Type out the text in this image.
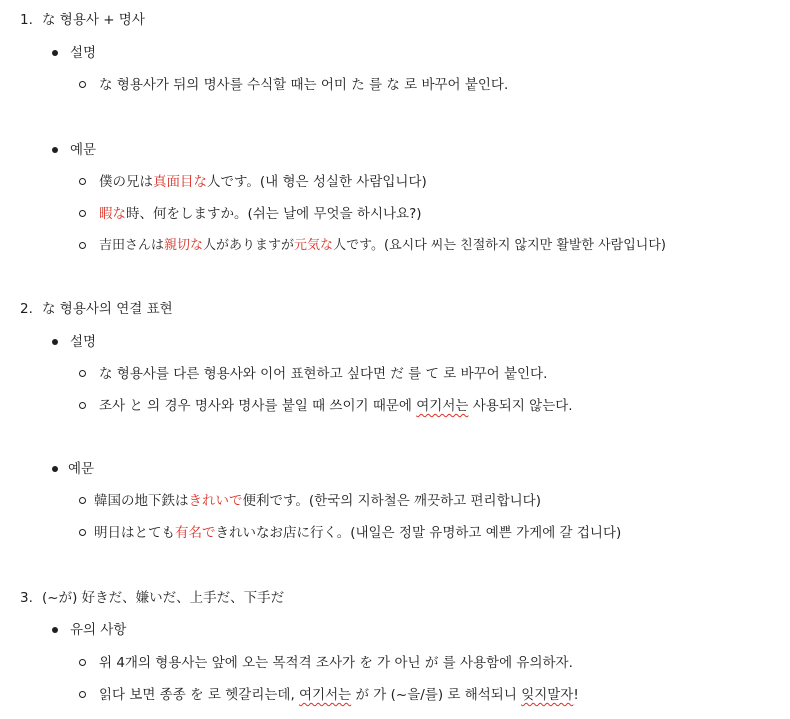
1. な 형용사 + 명사
설명
な 형용사가 뒤의 명사를 수식할 때는 어미 た 를 な 로 바꾸어 붙인다.
예문
僕の兄は真面目な人です。(내 형은 성실한 사람입니다)
暇な時、何をしますか。(쉬는 날에 무엇을 하시나요?)
吉田さんは親切な人がありますが元気な人です。(요시다 씨는 친절하지 않지만 활발한 사람입니다)
2. な 형용사의 연결 표현
설명
な 형용사를 다른 형용사와 이어 표현하고 싶다면 だ 를 て 로 바꾸어 붙인다.
조사 と 의 경우 명사와 명사를 붙일 때 쓰이기 때문에 여기서는 사용되지 않는다.
예문
韓国の地下鉄はきれいで便利です。(한국의 지하철은 깨끗하고 편리합니다)
明日はとても有名できれいなお店に行く。(내일은 정말 유명하고 예쁜 가게에 갈 겁니다)
3. (~が) 好きだ、嫌いだ、上手だ、下手だ
유의 사항
위 4개의 형용사는 앞에 오는 목적격 조사가 を 가 아닌 が 를 사용함에 유의하자.
읽다 보면 종종 を 로 헷갈리는데, 여기서는 が 가 (~을/를) 로 해석되니 잊지말자!
